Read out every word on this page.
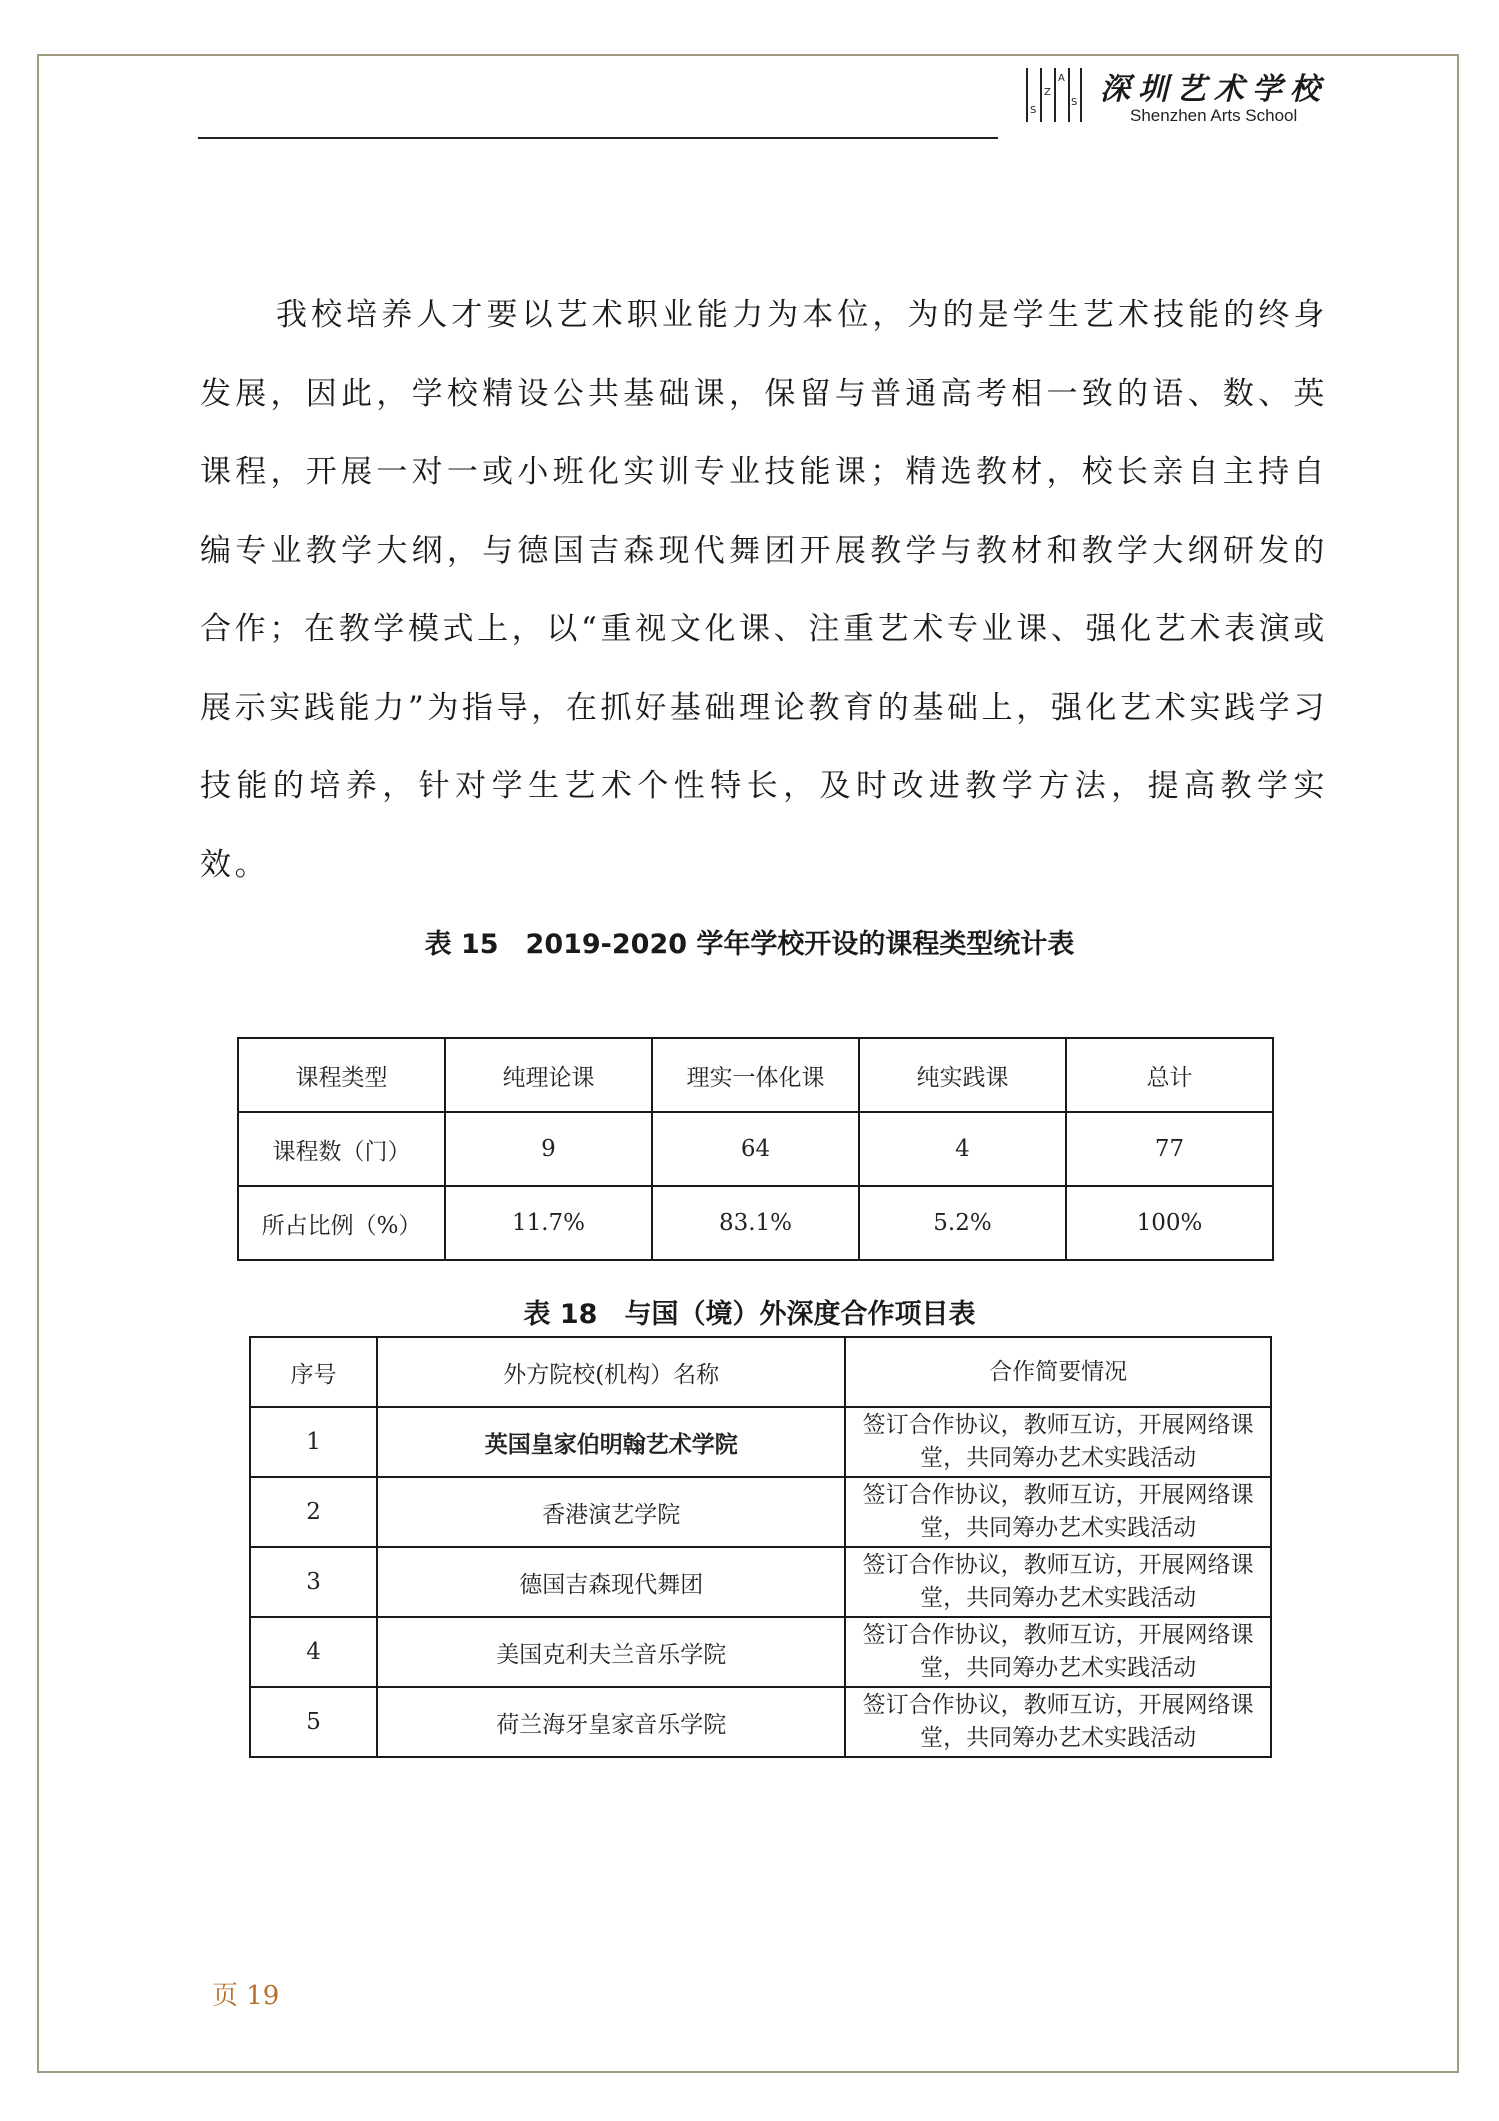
S
Z
A
S 深圳艺术学校
Shenzhen Arts School

我校培养人才要以艺术职业能力为本位，为的是学生艺术技能的终身发展，因此，学校精设公共基础课，保留与普通高考相一致的语、数、英课程，开展一对一或小班化实训专业技能课；精选教材，校长亲自主持自编专业教学大纲，与德国吉森现代舞团开展教学与教材和教学大纲研发的合作；在教学模式上，以“重视文化课、注重艺术专业课、强化艺术表演或展示实践能力”为指导，在抓好基础理论教育的基础上，强化艺术实践学习技能的培养，针对学生艺术个性特长，及时改进教学方法，提高教学实效。

表 15　2019-2020 学年学校开设的课程类型统计表

课程类型	纯理论课	理实一体化课	纯实践课	总计
课程数（门）	9	64	4	77
所占比例（%）	11.7%	83.1%	5.2%	100%

表 18　与国（境）外深度合作项目表

序号	外方院校(机构）名称	合作简要情况
1	英国皇家伯明翰艺术学院	签订合作协议，教师互访，开展网络课堂，共同筹办艺术实践活动
2	香港演艺学院	签订合作协议，教师互访，开展网络课堂，共同筹办艺术实践活动
3	德国吉森现代舞团	签订合作协议，教师互访，开展网络课堂，共同筹办艺术实践活动
4	美国克利夫兰音乐学院	签订合作协议，教师互访，开展网络课堂，共同筹办艺术实践活动
5	荷兰海牙皇家音乐学院	签订合作协议，教师互访，开展网络课堂，共同筹办艺术实践活动
页 19
